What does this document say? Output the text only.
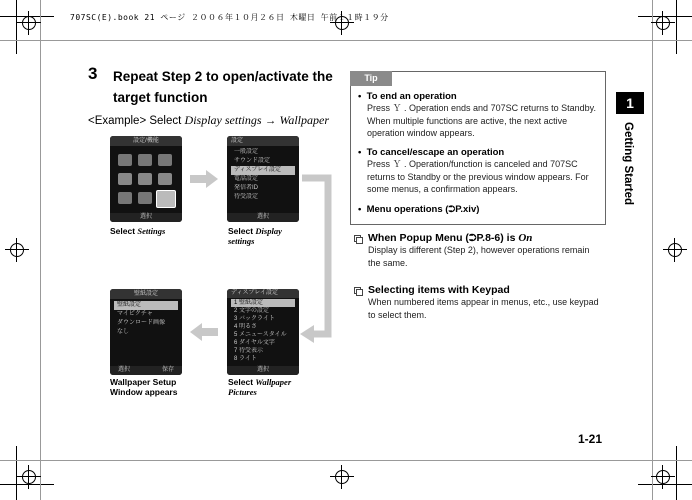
707SC(E).book 21 ページ ２００６年１０月２６日 木曜日 午前１１時１９分
3 Repeat Step 2 to open/activate the
target function
<Example> Select Display settings → Wallpaper
設定/機能
選択
Select Settings
設定
一般設定
サウンド設定
ディスプレイ設定
電話設定
発信者ID
待受設定
選択
Select Display settings
ディスプレイ設定
1 壁紙設定
2 文字の設定
3 バックライト
4 明るさ
5 メニュースタイル
6 ダイヤル文字
7 待受表示
8 ライト
選択
Select Wallpaper Pictures
壁紙設定
壁紙設定
マイピクチャ
ダウンロード画像
なし
選択	保存
Wallpaper Setup
Window appears
Tip
•  To end an operation
Press Ｙ . Operation ends and 707SC returns to Standby. When multiple functions are active, the next active operation window appears.
•  To cancel/escape an operation
Press Ｙ . Operation/function is canceled and 707SC returns to Standby or the previous window appears. For some menus, a confirmation appears.
•  Menu operations (⮊P.xiv)
When Popup Menu (⮊P.8-6) is On
Display is different (Step 2), however operations remain the same.
Selecting items with Keypad
When numbered items appear in menus, etc., use keypad to select them.
1
Getting Started
1-21
